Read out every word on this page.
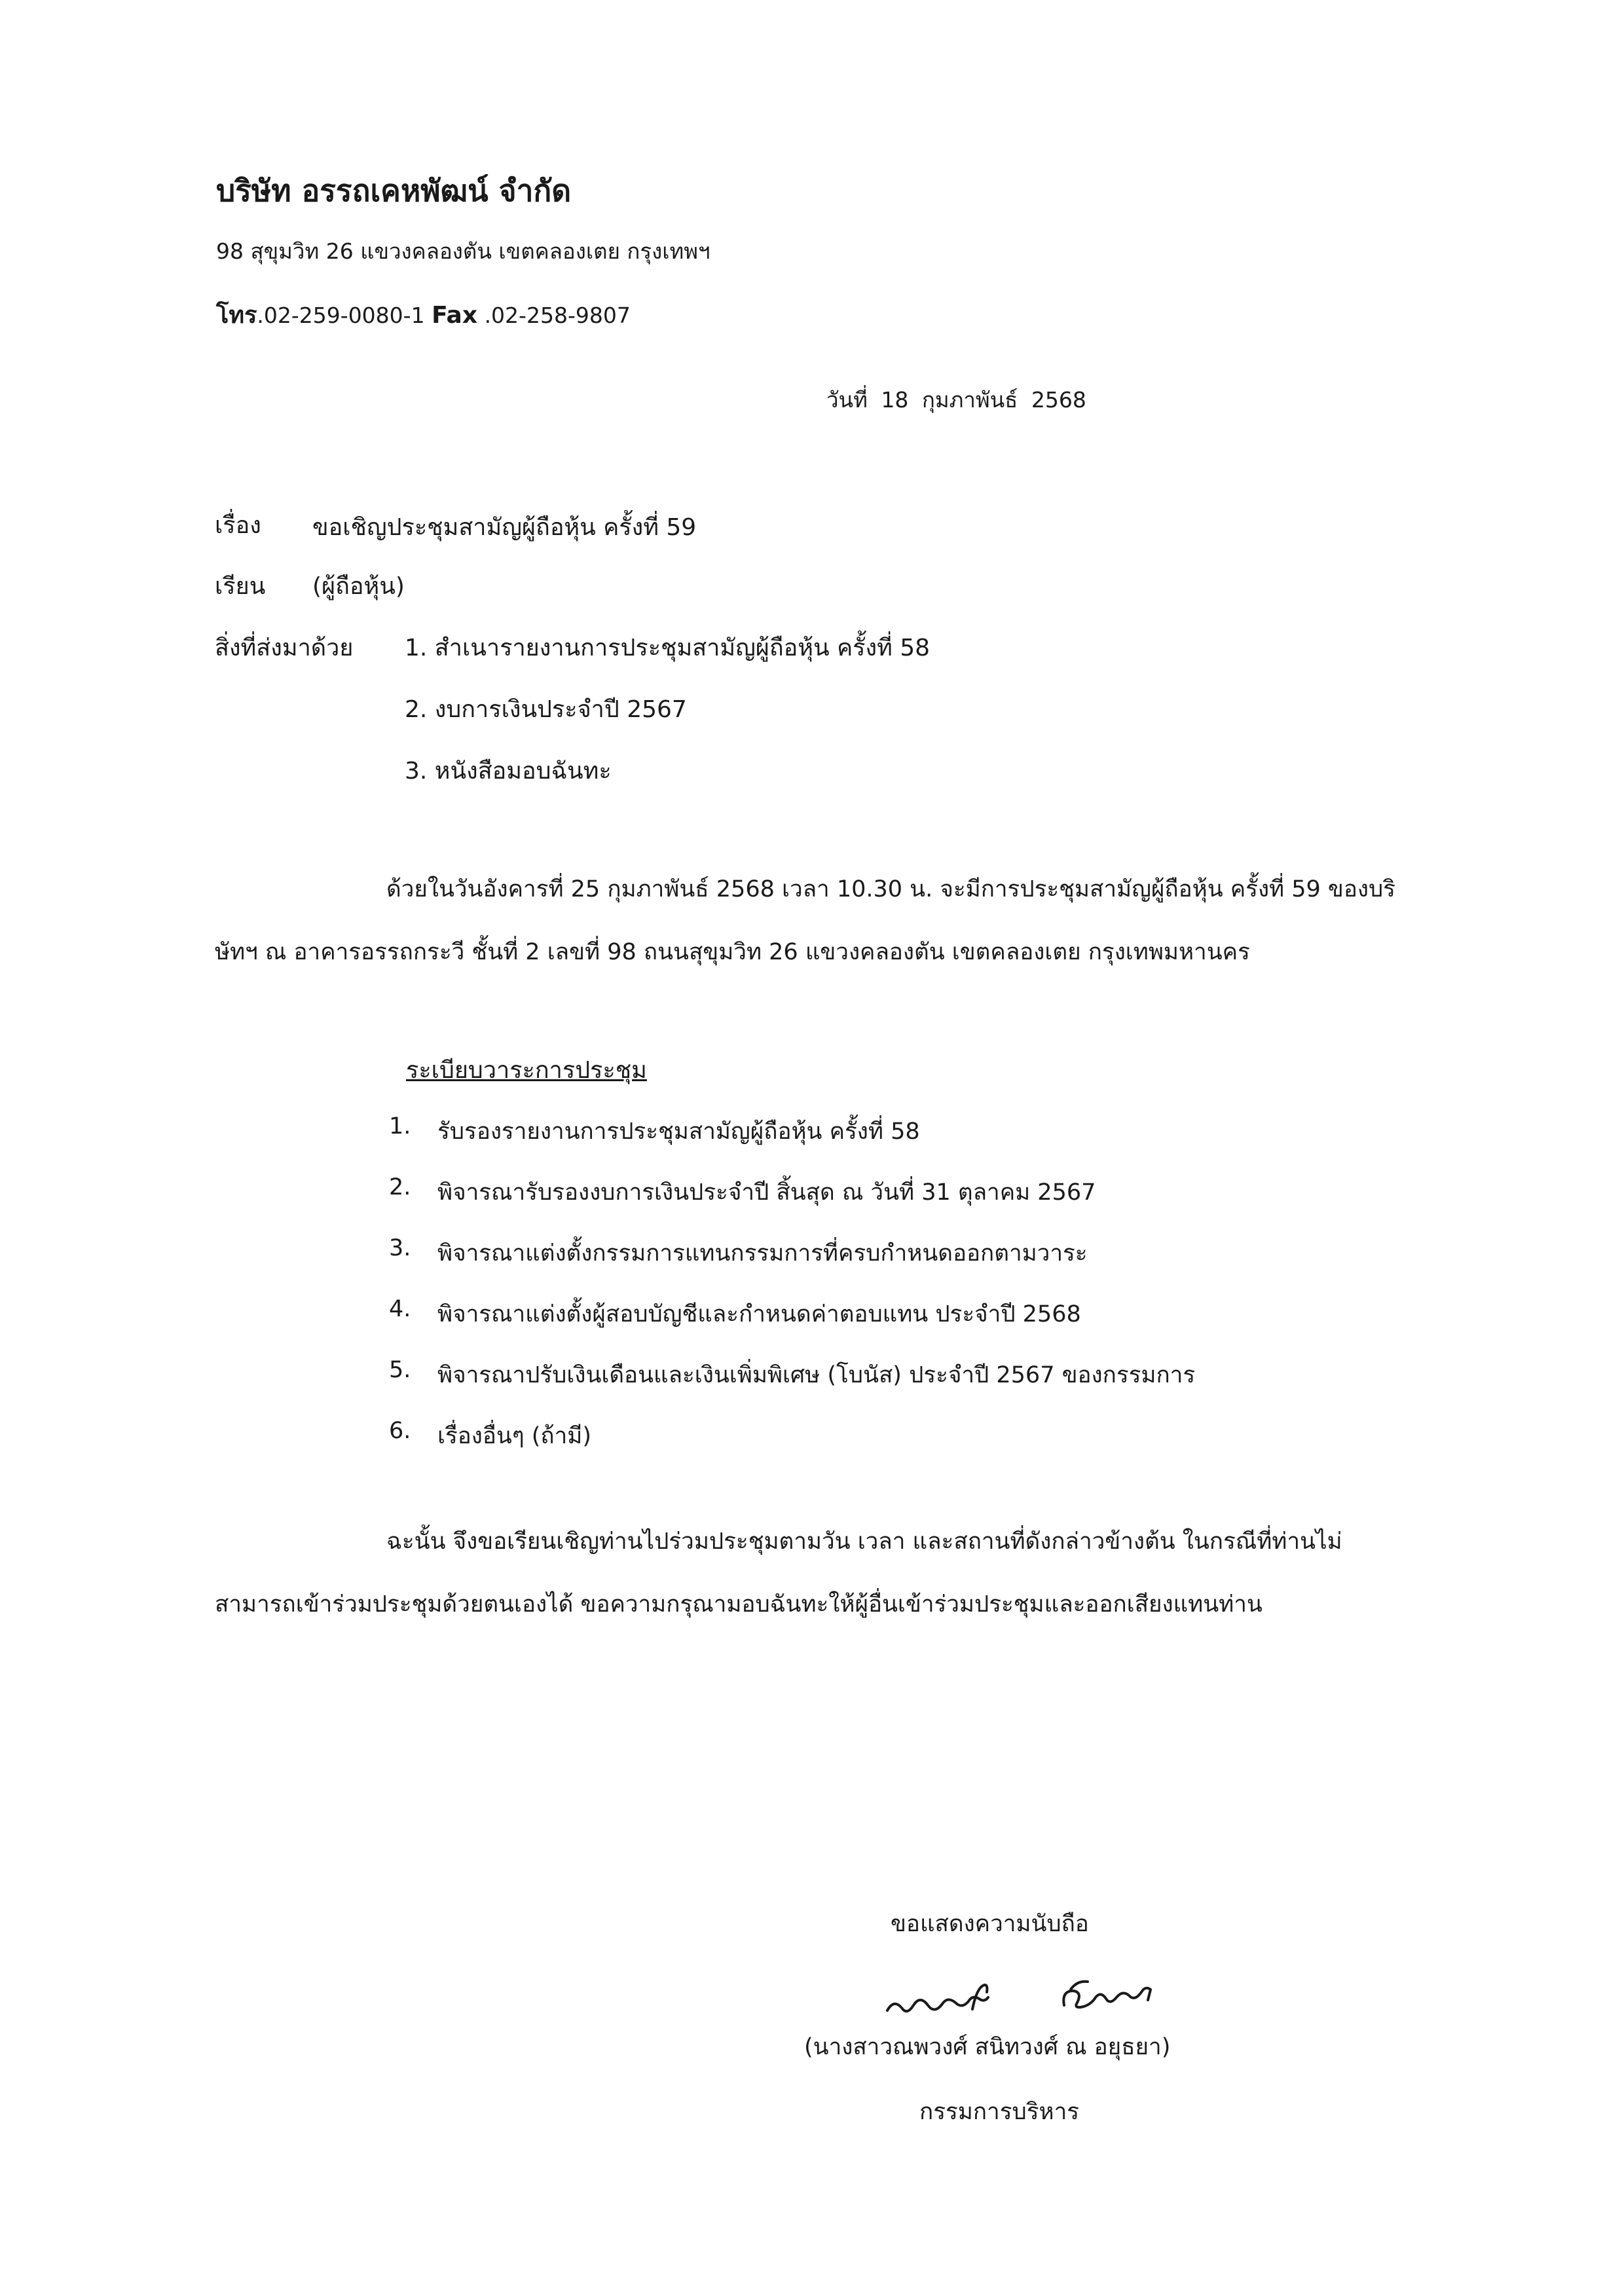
บริษัท อรรถเคหพัฒน์ จำกัด
98 สุขุมวิท 26 แขวงคลองตัน เขตคลองเตย กรุงเทพฯ
โทร.02-259-0080-1 Fax .02-258-9807
วันที่ 18 กุมภาพันธ์ 2568
เรื่อง ขอเชิญประชุมสามัญผู้ถือหุ้น ครั้งที่ 59
เรียน (ผู้ถือหุ้น)
สิ่งที่ส่งมาด้วย 1. สำเนารายงานการประชุมสามัญผู้ถือหุ้น ครั้งที่ 58
2. งบการเงินประจำปี 2567
3. หนังสือมอบฉันทะ
ด้วยในวันอังคารที่ 25 กุมภาพันธ์ 2568 เวลา 10.30 น. จะมีการประชุมสามัญผู้ถือหุ้น ครั้งที่ 59 ของบริษัทฯ ณ อาคารอรรถกระวี ชั้นที่ 2 เลขที่ 98 ถนนสุขุมวิท 26 แขวงคลองตัน เขตคลองเตย กรุงเทพมหานคร
ระเบียบวาระการประชุม
1. รับรองรายงานการประชุมสามัญผู้ถือหุ้น ครั้งที่ 58
2. พิจารณารับรองงบการเงินประจำปี สิ้นสุด ณ วันที่ 31 ตุลาคม 2567
3. พิจารณาแต่งตั้งกรรมการแทนกรรมการที่ครบกำหนดออกตามวาระ
4. พิจารณาแต่งตั้งผู้สอบบัญชีและกำหนดค่าตอบแทน ประจำปี 2568
5. พิจารณาปรับเงินเดือนและเงินเพิ่มพิเศษ (โบนัส) ประจำปี 2567 ของกรรมการ
6. เรื่องอื่นๆ (ถ้ามี)
ฉะนั้น จึงขอเรียนเชิญท่านไปร่วมประชุมตามวัน เวลา และสถานที่ดังกล่าวข้างต้น ในกรณีที่ท่านไม่สามารถเข้าร่วมประชุมด้วยตนเองได้ ขอความกรุณามอบฉันทะให้ผู้อื่นเข้าร่วมประชุมและออกเสียงแทนท่าน
ขอแสดงความนับถือ
(นางสาวณพวงศ์ สนิทวงศ์ ณ อยุธยา)
กรรมการบริหาร
